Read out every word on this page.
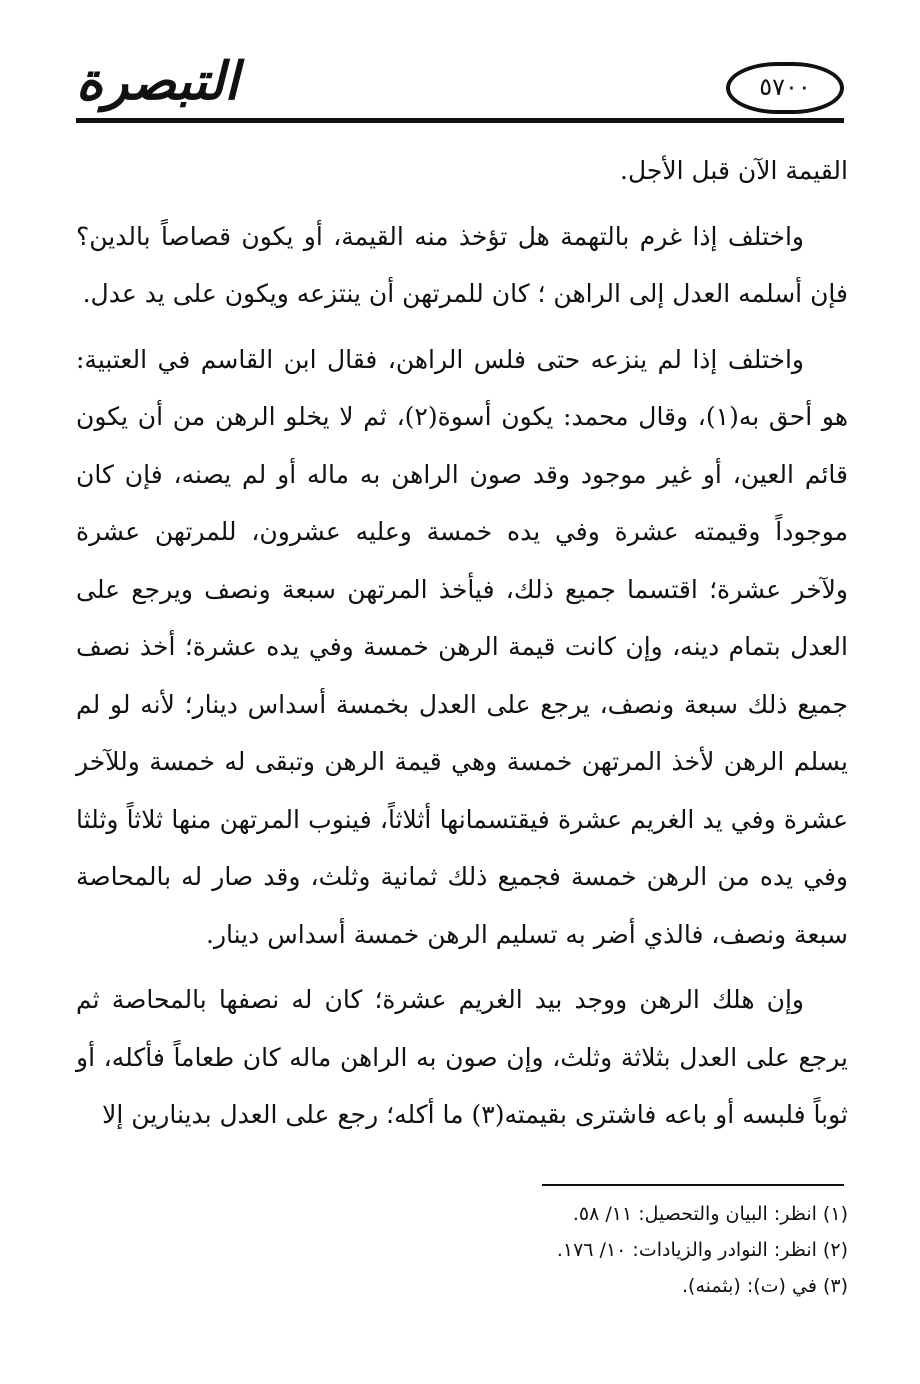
التبصرة	٥٧٠٠

القيمة الآن قبل الأجل.

واختلف إذا غرم بالتهمة هل تؤخذ منه القيمة، أو يكون قصاصاً بالدين؟فإن أسلمه العدل إلى الراهن ؛ كان للمرتهن أن ينتزعه ويكون على يد عدل.

واختلف إذا لم ينزعه حتى فلس الراهن، فقال ابن القاسم في العتبية: هو أحق به(١)، وقال محمد: يكون أسوة(٢)، ثم لا يخلو الرهن من أن يكون قائم العين، أو غير موجود وقد صون الراهن به ماله أو لم يصنه، فإن كان موجوداً وقيمته عشرة وفي يده خمسة وعليه عشرون، للمرتهن عشرة ولآخر عشرة؛ اقتسما جميع ذلك، فيأخذ المرتهن سبعة ونصف ويرجع على العدل بتمام دينه، وإن كانت قيمة الرهن خمسة وفي يده عشرة؛ أخذ نصف جميع ذلك سبعة ونصف، يرجع على العدل بخمسة أسداس دينار؛ لأنه لو لم يسلم الرهن لأخذ المرتهن خمسة وهي قيمة الرهن وتبقى له خمسة وللآخر عشرة وفي يد الغريم عشرة فيقتسمانها أثلاثاً، فينوب المرتهن منها ثلاثاً وثلثا وفي يده من الرهن خمسة فجميع ذلك ثمانية وثلث، وقد صار له بالمحاصة سبعة ونصف، فالذي أضر به تسليم الرهن خمسة أسداس دينار.

وإن هلك الرهن ووجد بيد الغريم عشرة؛ كان له نصفها بالمحاصة ثم يرجع على العدل بثلاثة وثلث، وإن صون به الراهن ماله كان طعاماً فأكله، أو ثوباً فلبسه أو باعه فاشترى بقيمته(٣) ما أكله؛ رجع على العدل بدينارين إلا

(١) انظر: البيان والتحصيل: ١١/ ٥٨.
(٢) انظر: النوادر والزيادات: ١٠/ ١٧٦.
(٣) في (ت): (بثمنه).
